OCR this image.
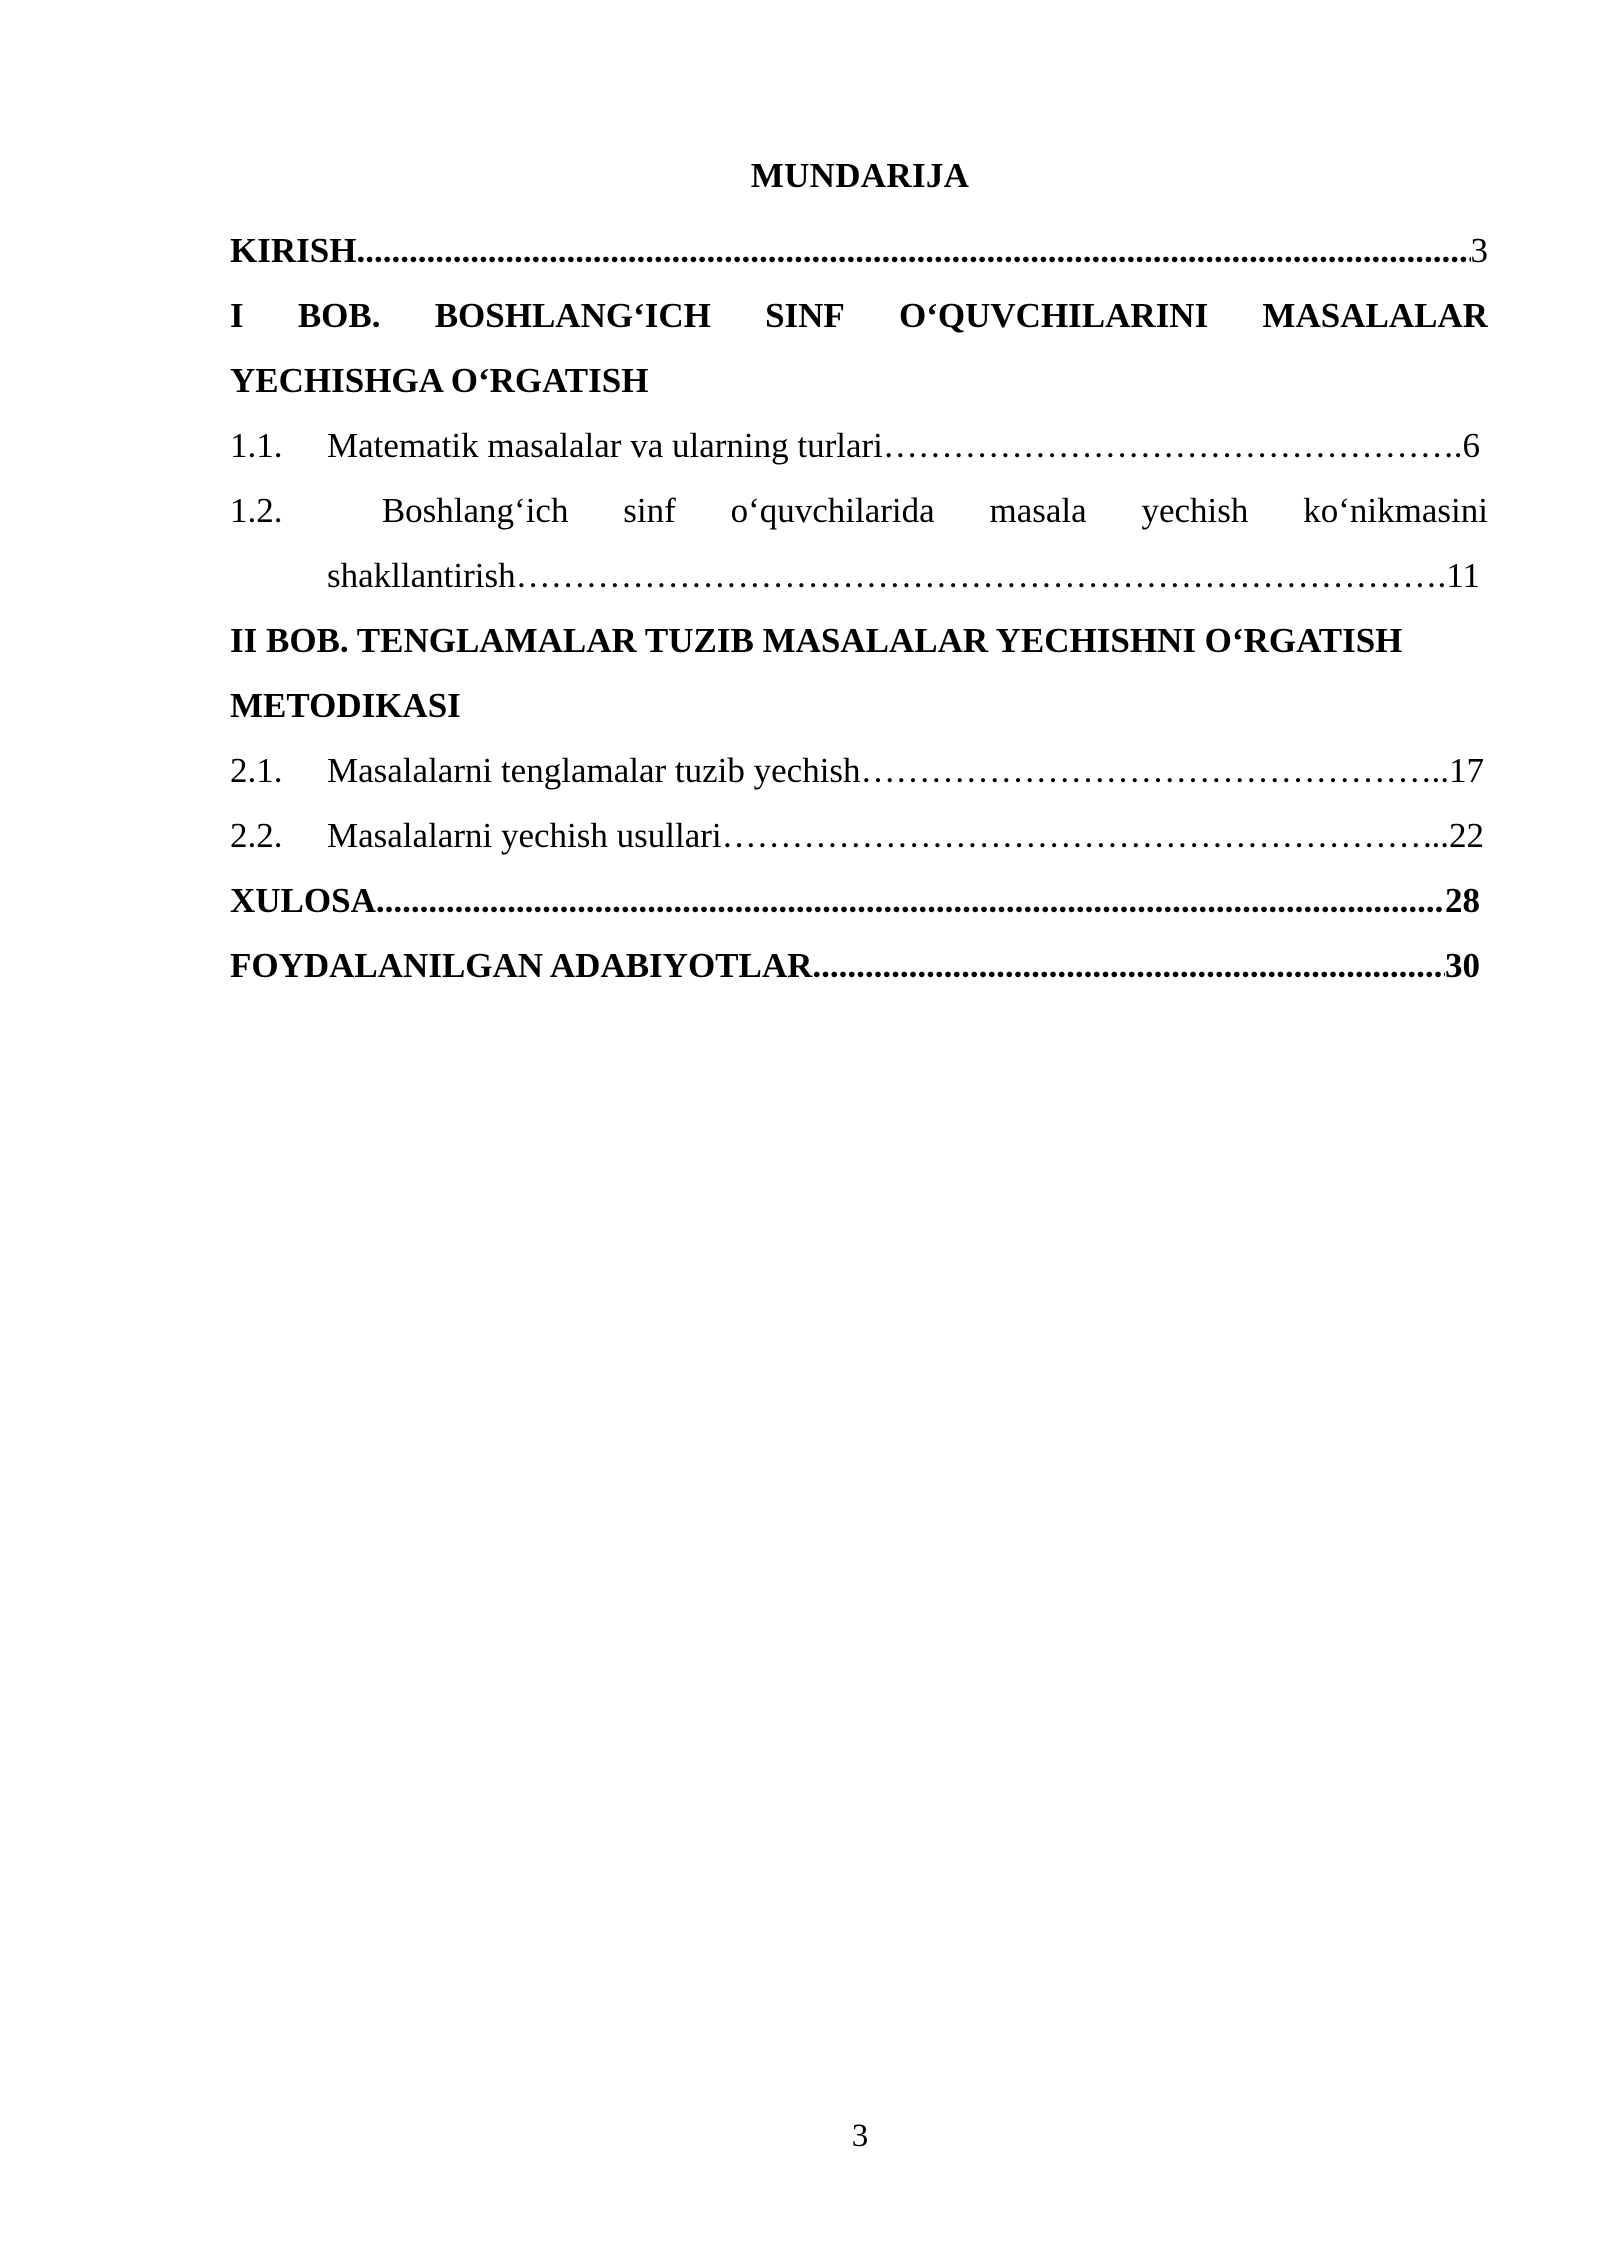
MUNDARIJA
KIRISH .....	3
I BOB. BOSHLANG‘ICH SINF O‘QUVCHILARINI MASALALAR
YECHISHGA O‘RGATISH
1.1.	Matematik masalalar va ularning turlari ……………………………………………………………………………………………………………………………………………………………………………………………………	.6
1.2.	Boshlang‘ich sinf o‘quvchilarida masala yechish ko‘nikmasini
shakllantirish ……………………………………………………………………………………………………………………………………………………………………………………………………	.11
II BOB. TENGLAMALAR TUZIB MASALALAR YECHISHNI O‘RGATISH
METODIKASI
2.1.	Masalalarni tenglamalar tuzib yechish ……………………………………………………………………………………………………………………………………………………………………………………………………	..17
2.2.	Masalalarni yechish usullari ……………………………………………………………………………………………………………………………………………………………………………………………………	..22
XULOSA .....	28
FOYDALANILGAN ADABIYOTLAR .....	30
3
